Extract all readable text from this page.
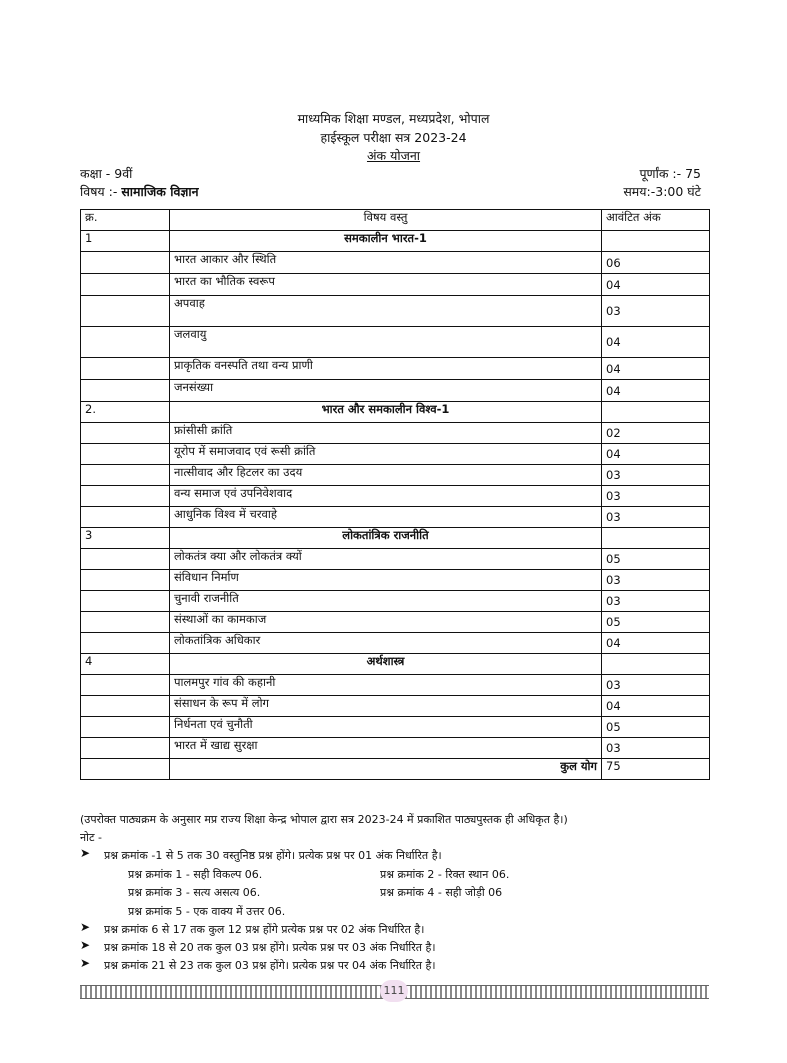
माध्यमिक शिक्षा मण्डल, मध्यप्रदेश, भोपाल
हाईस्कूल परीक्षा सत्र 2023-24
अंक योजना
कक्षा - 9वीं
विषय :- सामाजिक विज्ञान
पूर्णांक :- 75
समय:-3:00 घंटे
क्र.	विषय वस्तु	आवंटित अंक
1	समकालीन भारत-1	
	भारत आकार और स्थिति	06
	भारत का भौतिक स्वरूप	04
	अपवाह	03
	जलवायु	04
	प्राकृतिक वनस्पति तथा वन्य प्राणी	04
	जनसंख्या	04
2.	भारत और समकालीन विश्व-1	
	फ्रांसीसी क्रांति	02
	यूरोप में समाजवाद एवं रूसी क्रांति	04
	नात्सीवाद और हिटलर का उदय	03
	वन्य समाज एवं उपनिवेशवाद	03
	आधुनिक विश्व में चरवाहे	03
3	लोकतांत्रिक राजनीति	
	लोकतंत्र क्या और लोकतंत्र क्यों	05
	संविधान निर्माण	03
	चुनावी राजनीति	03
	संस्थाओं का कामकाज	05
	लोकतांत्रिक अधिकार	04
4	अर्थशास्त्र	
	पालमपुर गांव की कहानी	03
	संसाधन के रूप में लोग	04
	निर्धनता एवं चुनौती	05
	भारत में खाद्य सुरक्षा	03
	कुल योग	75
(उपरोक्त पाठ्यक्रम के अनुसार मप्र राज्य शिक्षा केन्द्र भोपाल द्वारा सत्र 2023-24 में प्रकाशित पाठ्यपुस्तक ही अधिकृत है।)
नोट -
➤ प्रश्न क्रमांक -1 से 5 तक 30 वस्तुनिष्ठ प्रश्न होंगे। प्रत्येक प्रश्न पर 01 अंक निर्धारित है।
प्रश्न क्रमांक 1 - सही विकल्प 06.	प्रश्न क्रमांक 2 - रिक्त स्थान 06.
प्रश्न क्रमांक 3 - सत्य असत्य 06.	प्रश्न क्रमांक 4 - सही जोड़ी 06
प्रश्न क्रमांक 5 - एक वाक्य में उत्तर 06.
➤ प्रश्न क्रमांक 6 से 17 तक कुल 12 प्रश्न होंगे प्रत्येक प्रश्न पर 02 अंक निर्धारित है।
➤ प्रश्न क्रमांक 18 से 20 तक कुल 03 प्रश्न होंगे। प्रत्येक प्रश्न पर 03 अंक निर्धारित है।
➤ प्रश्न क्रमांक 21 से 23 तक कुल 03 प्रश्न होंगे। प्रत्येक प्रश्न पर 04 अंक निर्धारित है।
111
